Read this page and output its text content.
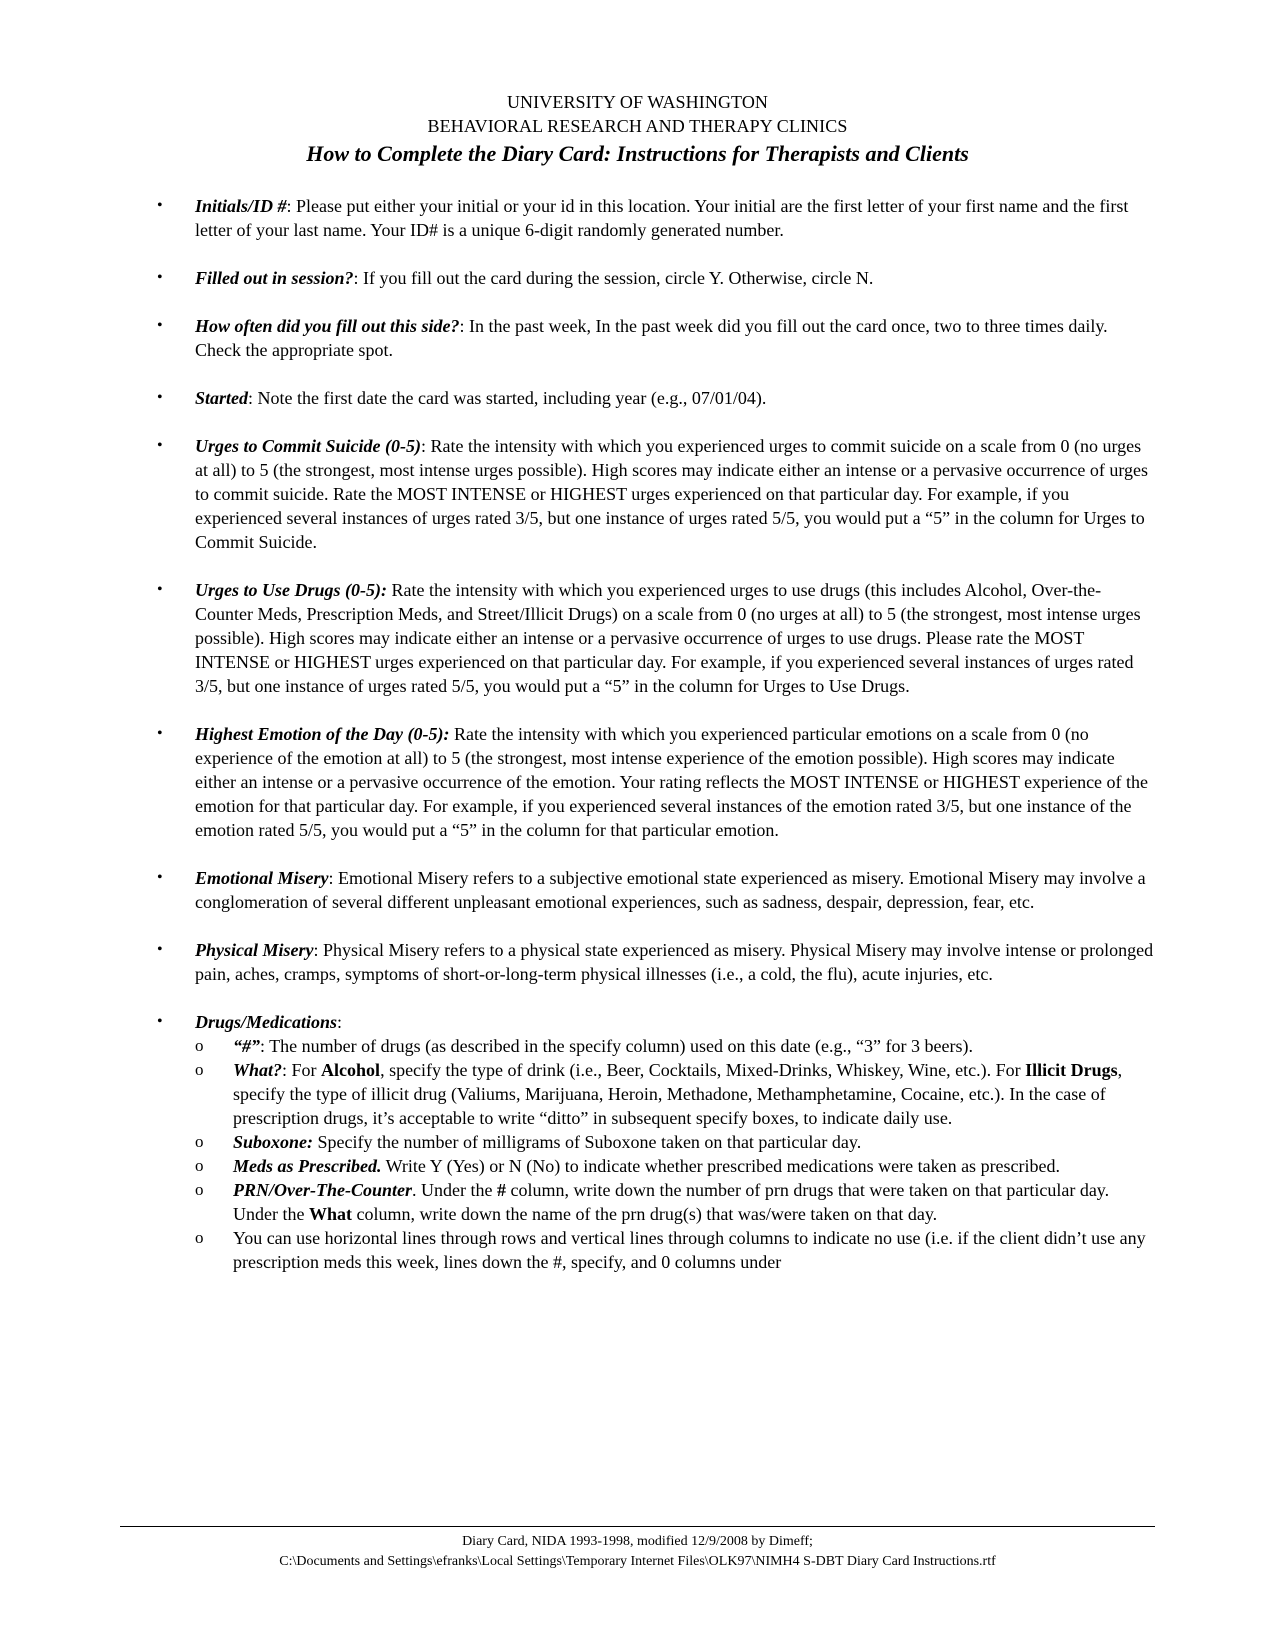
UNIVERSITY OF WASHINGTON
BEHAVIORAL RESEARCH AND THERAPY CLINICS
How to Complete the Diary Card: Instructions for Therapists and Clients
• Initials/ID #: Please put either your initial or your id in this location. Your initial are the first letter of your first name and the first letter of your last name. Your ID# is a unique 6-digit randomly generated number.
• Filled out in session?: If you fill out the card during the session, circle Y. Otherwise, circle N.
• How often did you fill out this side?: In the past week, In the past week did you fill out the card once, two to three times daily. Check the appropriate spot.
• Started: Note the first date the card was started, including year (e.g., 07/01/04).
• Urges to Commit Suicide (0-5): Rate the intensity with which you experienced urges to commit suicide on a scale from 0 (no urges at all) to 5 (the strongest, most intense urges possible). High scores may indicate either an intense or a pervasive occurrence of urges to commit suicide. Rate the MOST INTENSE or HIGHEST urges experienced on that particular day. For example, if you experienced several instances of urges rated 3/5, but one instance of urges rated 5/5, you would put a “5” in the column for Urges to Commit Suicide.
• Urges to Use Drugs (0-5): Rate the intensity with which you experienced urges to use drugs (this includes Alcohol, Over-the-Counter Meds, Prescription Meds, and Street/Illicit Drugs) on a scale from 0 (no urges at all) to 5 (the strongest, most intense urges possible). High scores may indicate either an intense or a pervasive occurrence of urges to use drugs. Please rate the MOST INTENSE or HIGHEST urges experienced on that particular day. For example, if you experienced several instances of urges rated 3/5, but one instance of urges rated 5/5, you would put a “5” in the column for Urges to Use Drugs.
• Highest Emotion of the Day (0-5): Rate the intensity with which you experienced particular emotions on a scale from 0 (no experience of the emotion at all) to 5 (the strongest, most intense experience of the emotion possible). High scores may indicate either an intense or a pervasive occurrence of the emotion. Your rating reflects the MOST INTENSE or HIGHEST experience of the emotion for that particular day. For example, if you experienced several instances of the emotion rated 3/5, but one instance of the emotion rated 5/5, you would put a “5” in the column for that particular emotion.
• Emotional Misery: Emotional Misery refers to a subjective emotional state experienced as misery. Emotional Misery may involve a conglomeration of several different unpleasant emotional experiences, such as sadness, despair, depression, fear, etc.
• Physical Misery: Physical Misery refers to a physical state experienced as misery. Physical Misery may involve intense or prolonged pain, aches, cramps, symptoms of short-or-long-term physical illnesses (i.e., a cold, the flu), acute injuries, etc.
• Drugs/Medications:
o “#”: The number of drugs (as described in the specify column) used on this date (e.g., “3” for 3 beers).
o What?: For Alcohol, specify the type of drink (i.e., Beer, Cocktails, Mixed-Drinks, Whiskey, Wine, etc.). For Illicit Drugs, specify the type of illicit drug (Valiums, Marijuana, Heroin, Methadone, Methamphetamine, Cocaine, etc.). In the case of prescription drugs, it’s acceptable to write “ditto” in subsequent specify boxes, to indicate daily use.
o Suboxone: Specify the number of milligrams of Suboxone taken on that particular day.
o Meds as Prescribed. Write Y (Yes) or N (No) to indicate whether prescribed medications were taken as prescribed.
o PRN/Over-The-Counter. Under the # column, write down the number of prn drugs that were taken on that particular day. Under the What column, write down the name of the prn drug(s) that was/were taken on that day.
o You can use horizontal lines through rows and vertical lines through columns to indicate no use (i.e. if the client didn’t use any prescription meds this week, lines down the #, specify, and 0 columns under
Diary Card, NIDA 1993-1998, modified 12/9/2008 by Dimeff;
C:\Documents and Settings\efranks\Local Settings\Temporary Internet Files\OLK97\NIMH4 S-DBT Diary Card Instructions.rtf
